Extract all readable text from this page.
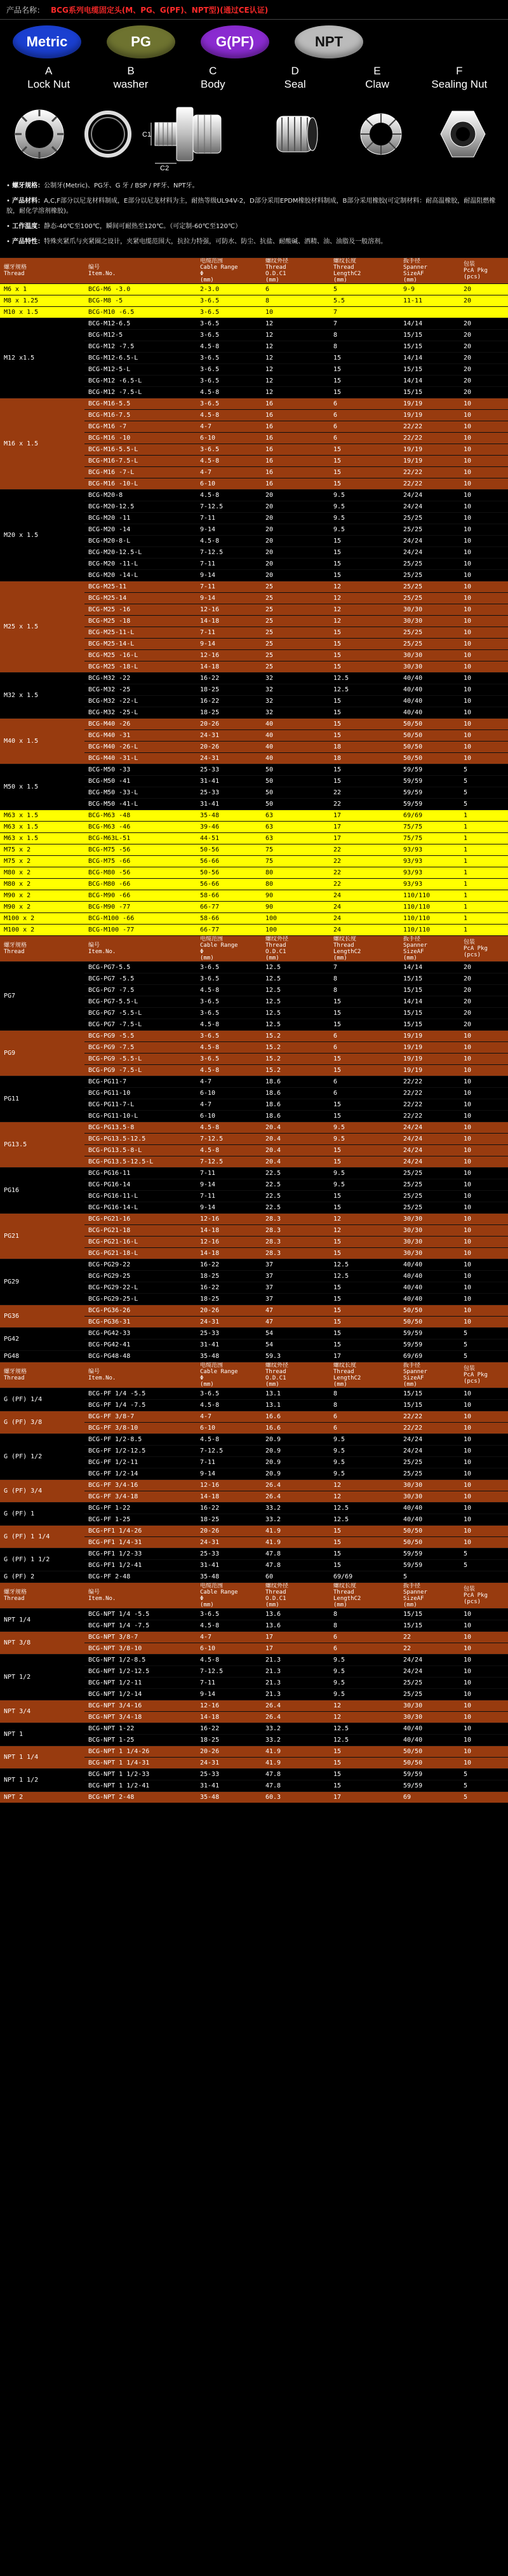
产品名称： BCG系列电缆固定头(M、PG、G(PF)、NPT型)(通过CE认证)
Metric	PG	G(PF)	NPT
A
Lock Nut
B
washer
C
Body
D
Seal
E
Claw
F
Sealing Nut
C1
C2

• 螺牙规格：公制牙(Metric)、PG牙、G 牙 / BSP / PF牙、NPT牙。

• 产品材料：A,C,F部分以尼龙材料制成，E部分以尼龙材料为主，耐热等级UL94V-2，D部分采用EPDM橡胶材料制成，B部分采用橡胶(可定制材料：耐高温橡胶，耐温阻燃橡胶，耐化学溶剂橡胶)。

• 工作温度：静态-40℃至100℃，瞬间可耐热至120℃。（可定制-60℃至120℃）

• 产品特性：特殊夹紧爪与夹紧圈之设计，夹紧电缆范围大，抗拉力特强，可防水、防尘、抗盐、耐酸碱、酒精、油、油脂及一般溶剂。

螺牙规格
Thread	编号
Item.No.	电缆范围
Cable Range
Φ
(mm)	螺纹外径
Thread
O.D.C1
(mm)	螺纹长度
Thread
LengthC2
(mm)	扳手径
Spanner
SizeAF
(mm)	包装
PcA Pkg
(pcs)
M6 x 1	BCG-M6 -3.0	2-3.0	6	5	9-9	20
M8 x 1.25	BCG-M8 -5	3-6.5	8	5.5	11-11	20
M10 x 1.5	BCG-M10 -6.5	3-6.5	10	7		
M12 x1.5	BCG-M12-6.5	3-6.5	12	7	14/14	20
	BCG-M12-5	3-6.5	12	8	15/15	20
	BCG-M12 -7.5	4.5-8	12	8	15/15	20
	BCG-M12-6.5-L	3-6.5	12	15	14/14	20
	BCG-M12-5-L	3-6.5	12	15	15/15	20
	BCG-M12 -6.5-L	3-6.5	12	15	14/14	20
	BCG-M12 -7.5-L	4.5-8	12	15	15/15	20
M16 x 1.5	BCG-M16-5.5	3-6.5	16	6	19/19	10
	BCG-M16-7.5	4.5-8	16	6	19/19	10
	BCG-M16 -7	4-7	16	6	22/22	10
	BCG-M16 -10	6-10	16	6	22/22	10
	BCG-M16-5.5-L	3-6.5	16	15	19/19	10
	BCG-M16-7.5-L	4.5-8	16	15	19/19	10
	BCG-M16 -7-L	4-7	16	15	22/22	10
	BCG-M16 -10-L	6-10	16	15	22/22	10
M20 x 1.5	BCG-M20-8	4.5-8	20	9.5	24/24	10
	BCG-M20-12.5	7-12.5	20	9.5	24/24	10
	BCG-M20 -11	7-11	20	9.5	25/25	10
	BCG-M20 -14	9-14	20	9.5	25/25	10
	BCG-M20-8-L	4.5-8	20	15	24/24	10
	BCG-M20-12.5-L	7-12.5	20	15	24/24	10
	BCG-M20 -11-L	7-11	20	15	25/25	10
	BCG-M20 -14-L	9-14	20	15	25/25	10
M25 x 1.5	BCG-M25-11	7-11	25	12	25/25	10
	BCG-M25-14	9-14	25	12	25/25	10
	BCG-M25 -16	12-16	25	12	30/30	10
	BCG-M25 -18	14-18	25	12	30/30	10
	BCG-M25-11-L	7-11	25	15	25/25	10
	BCG-M25-14-L	9-14	25	15	25/25	10
	BCG-M25 -16-L	12-16	25	15	30/30	10
	BCG-M25 -18-L	14-18	25	15	30/30	10
M32 x 1.5	BCG-M32 -22	16-22	32	12.5	40/40	10
	BCG-M32 -25	18-25	32	12.5	40/40	10
	BCG-M32 -22-L	16-22	32	15	40/40	10
	BCG-M32 -25-L	18-25	32	15	40/40	10
M40 x 1.5	BCG-M40 -26	20-26	40	15	50/50	10
	BCG-M40 -31	24-31	40	15	50/50	10
	BCG-M40 -26-L	20-26	40	18	50/50	10
	BCG-M40 -31-L	24-31	40	18	50/50	10
M50 x 1.5	BCG-M50 -33	25-33	50	15	59/59	5
	BCG-M50 -41	31-41	50	15	59/59	5
	BCG-M50 -33-L	25-33	50	22	59/59	5
	BCG-M50 -41-L	31-41	50	22	59/59	5
M63 x 1.5	BCG-M63 -48	35-48	63	17	69/69	1
M63 x 1.5	BCG-M63 -46	39-46	63	17	75/75	1
M63 x 1.5	BCG-M63L-51	44-51	63	17	75/75	1
M75 x 2	BCG-M75 -56	50-56	75	22	93/93	1
M75 x 2	BCG-M75 -66	56-66	75	22	93/93	1
M80 x 2	BCG-M80 -56	50-56	80	22	93/93	1
M80 x 2	BCG-M80 -66	56-66	80	22	93/93	1
M90 x 2	BCG-M90 -66	58-66	90	24	110/110	1
M90 x 2	BCG-M90 -77	66-77	90	24	110/110	1
M100 x 2	BCG-M100 -66	58-66	100	24	110/110	1
M100 x 2	BCG-M100 -77	66-77	100	24	110/110	1
螺牙规格
Thread	编号
Item.No.	电缆范围
Cable Range
Φ
(mm)	螺纹外径
Thread
O.D.C1
(mm)	螺纹长度
Thread
LengthC2
(mm)	扳手径
Spanner
SizeAF
(mm)	包装
PcA Pkg
(pcs)
PG7	BCG-PG7-5.5	3-6.5	12.5	7	14/14	20
	BCG-PG7 -5.5	3-6.5	12.5	8	15/15	20
	BCG-PG7 -7.5	4.5-8	12.5	8	15/15	20
	BCG-PG7-5.5-L	3-6.5	12.5	15	14/14	20
	BCG-PG7 -5.5-L	3-6.5	12.5	15	15/15	20
	BCG-PG7 -7.5-L	4.5-8	12.5	15	15/15	20
PG9	BCG-PG9 -5.5	3-6.5	15.2	6	19/19	10
	BCG-PG9 -7.5	4.5-8	15.2	6	19/19	10
	BCG-PG9 -5.5-L	3-6.5	15.2	15	19/19	10
	BCG-PG9 -7.5-L	4.5-8	15.2	15	19/19	10
PG11	BCG-PG11-7	4-7	18.6	6	22/22	10
	BCG-PG11-10	6-10	18.6	6	22/22	10
	BCG-PG11-7-L	4-7	18.6	15	22/22	10
	BCG-PG11-10-L	6-10	18.6	15	22/22	10
PG13.5	BCG-PG13.5-8	4.5-8	20.4	9.5	24/24	10
	BCG-PG13.5-12.5	7-12.5	20.4	9.5	24/24	10
	BCG-PG13.5-8-L	4.5-8	20.4	15	24/24	10
	BCG-PG13.5-12.5-L	7-12.5	20.4	15	24/24	10
PG16	BCG-PG16-11	7-11	22.5	9.5	25/25	10
	BCG-PG16-14	9-14	22.5	9.5	25/25	10
	BCG-PG16-11-L	7-11	22.5	15	25/25	10
	BCG-PG16-14-L	9-14	22.5	15	25/25	10
PG21	BCG-PG21-16	12-16	28.3	12	30/30	10
	BCG-PG21-18	14-18	28.3	12	30/30	10
	BCG-PG21-16-L	12-16	28.3	15	30/30	10
	BCG-PG21-18-L	14-18	28.3	15	30/30	10
PG29	BCG-PG29-22	16-22	37	12.5	40/40	10
	BCG-PG29-25	18-25	37	12.5	40/40	10
	BCG-PG29-22-L	16-22	37	15	40/40	10
	BCG-PG29-25-L	18-25	37	15	40/40	10
PG36	BCG-PG36-26	20-26	47	15	50/50	10
	BCG-PG36-31	24-31	47	15	50/50	10
PG42	BCG-PG42-33	25-33	54	15	59/59	5
	BCG-PG42-41	31-41	54	15	59/59	5
PG48	BCG-PG48-48	35-48	59.3	17	69/69	5
螺牙规格
Thread	编号
Item.No.	电缆范围
Cable Range
Φ
(mm)	螺纹外径
Thread
O.D.C1
(mm)	螺纹长度
Thread
LengthC2
(mm)	扳手径
Spanner
SizeAF
(mm)	包装
PcA Pkg
(pcs)
G (PF) 1/4	BCG-PF 1/4 -5.5	3-6.5	13.1	8	15/15	10
	BCG-PF 1/4 -7.5	4.5-8	13.1	8	15/15	10
G (PF) 3/8	BCG-PF 3/8-7	4-7	16.6	6	22/22	10
	BCG-PF 3/8-10	6-10	16.6	6	22/22	10
G (PF) 1/2	BCG-PF 1/2-8.5	4.5-8	20.9	9.5	24/24	10
	BCG-PF 1/2-12.5	7-12.5	20.9	9.5	24/24	10
	BCG-PF 1/2-11	7-11	20.9	9.5	25/25	10
	BCG-PF 1/2-14	9-14	20.9	9.5	25/25	10
G (PF) 3/4	BCG-PF 3/4-16	12-16	26.4	12	30/30	10
	BCG-PF 3/4-18	14-18	26.4	12	30/30	10
G (PF) 1	BCG-PF 1-22	16-22	33.2	12.5	40/40	10
	BCG-PF 1-25	18-25	33.2	12.5	40/40	10
G (PF) 1 1/4	BCG-PF1 1/4-26	20-26	41.9	15	50/50	10
	BCG-PF1 1/4-31	24-31	41.9	15	50/50	10
G (PF) 1 1/2	BCG-PF1 1/2-33	25-33	47.8	15	59/59	5
	BCG-PF1 1/2-41	31-41	47.8	15	59/59	5
G (PF) 2	BCG-PF 2-48	35-48	60	69/69	5	
螺牙规格
Thread	编号
Item.No.	电缆范围
Cable Range
Φ
(mm)	螺纹外径
Thread
O.D.C1
(mm)	螺纹长度
Thread
LengthC2
(mm)	扳手径
Spanner
SizeAF
(mm)	包装
PcA Pkg
(pcs)
NPT 1/4	BCG-NPT 1/4 -5.5	3-6.5	13.6	8	15/15	10
	BCG-NPT 1/4 -7.5	4.5-8	13.6	8	15/15	10
NPT 3/8	BCG-NPT 3/8-7	4-7	17	6	22	10
	BCG-NPT 3/8-10	6-10	17	6	22	10
NPT 1/2	BCG-NPT 1/2-8.5	4.5-8	21.3	9.5	24/24	10
	BCG-NPT 1/2-12.5	7-12.5	21.3	9.5	24/24	10
	BCG-NPT 1/2-11	7-11	21.3	9.5	25/25	10
	BCG-NPT 1/2-14	9-14	21.3	9.5	25/25	10
NPT 3/4	BCG-NPT 3/4-16	12-16	26.4	12	30/30	10
	BCG-NPT 3/4-18	14-18	26.4	12	30/30	10
NPT 1	BCG-NPT 1-22	16-22	33.2	12.5	40/40	10
	BCG-NPT 1-25	18-25	33.2	12.5	40/40	10
NPT 1 1/4	BCG-NPT 1 1/4-26	20-26	41.9	15	50/50	10
	BCG-NPT 1 1/4-31	24-31	41.9	15	50/50	10
NPT 1 1/2	BCG-NPT 1 1/2-33	25-33	47.8	15	59/59	5
	BCG-NPT 1 1/2-41	31-41	47.8	15	59/59	5
NPT 2	BCG-NPT 2-48	35-48	60.3	17	69	5
